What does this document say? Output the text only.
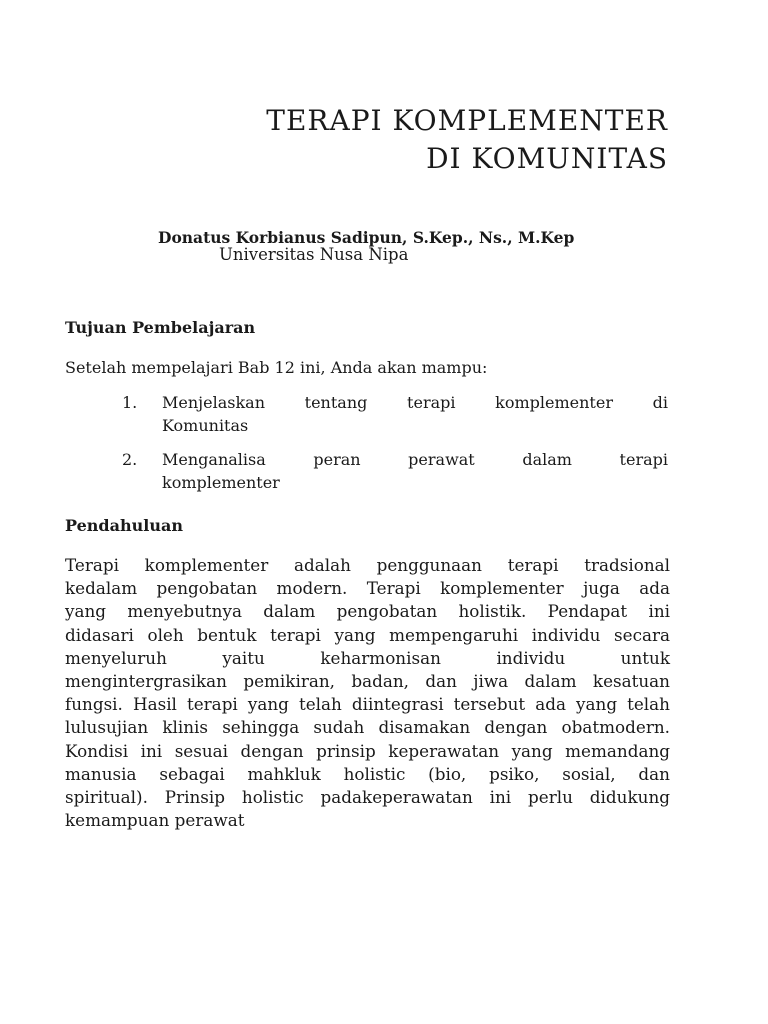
TERAPI KOMPLEMENTER
DI KOMUNITAS
Donatus Korbianus Sadipun, S.Kep., Ns., M.Kep
Universitas Nusa Nipa
Tujuan Pembelajaran
Setelah mempelajari Bab 12 ini, Anda akan mampu:
1. Menjelaskan tentang terapi komplementer di
Komunitas
2. Menganalisa peran perawat dalam terapi
komplementer
Pendahuluan
Terapi komplementer adalah penggunaan terapi tradsional
kedalam pengobatan modern. Terapi komplementer juga ada
yang menyebutnya dalam pengobatan holistik. Pendapat ini
didasari oleh bentuk terapi yang mempengaruhi individu secara
menyeluruh yaitu keharmonisan individu untuk
mengintergrasikan pemikiran, badan, dan jiwa dalam kesatuan
fungsi. Hasil terapi yang telah diintegrasi tersebut ada yang telah
lulusujian klinis sehingga sudah disamakan dengan obatmodern.
Kondisi ini sesuai dengan prinsip keperawatan yang memandang
manusia sebagai mahkluk holistic (bio, psiko, sosial, dan
spiritual). Prinsip holistic padakeperawatan ini perlu didukung
kemampuan perawat
